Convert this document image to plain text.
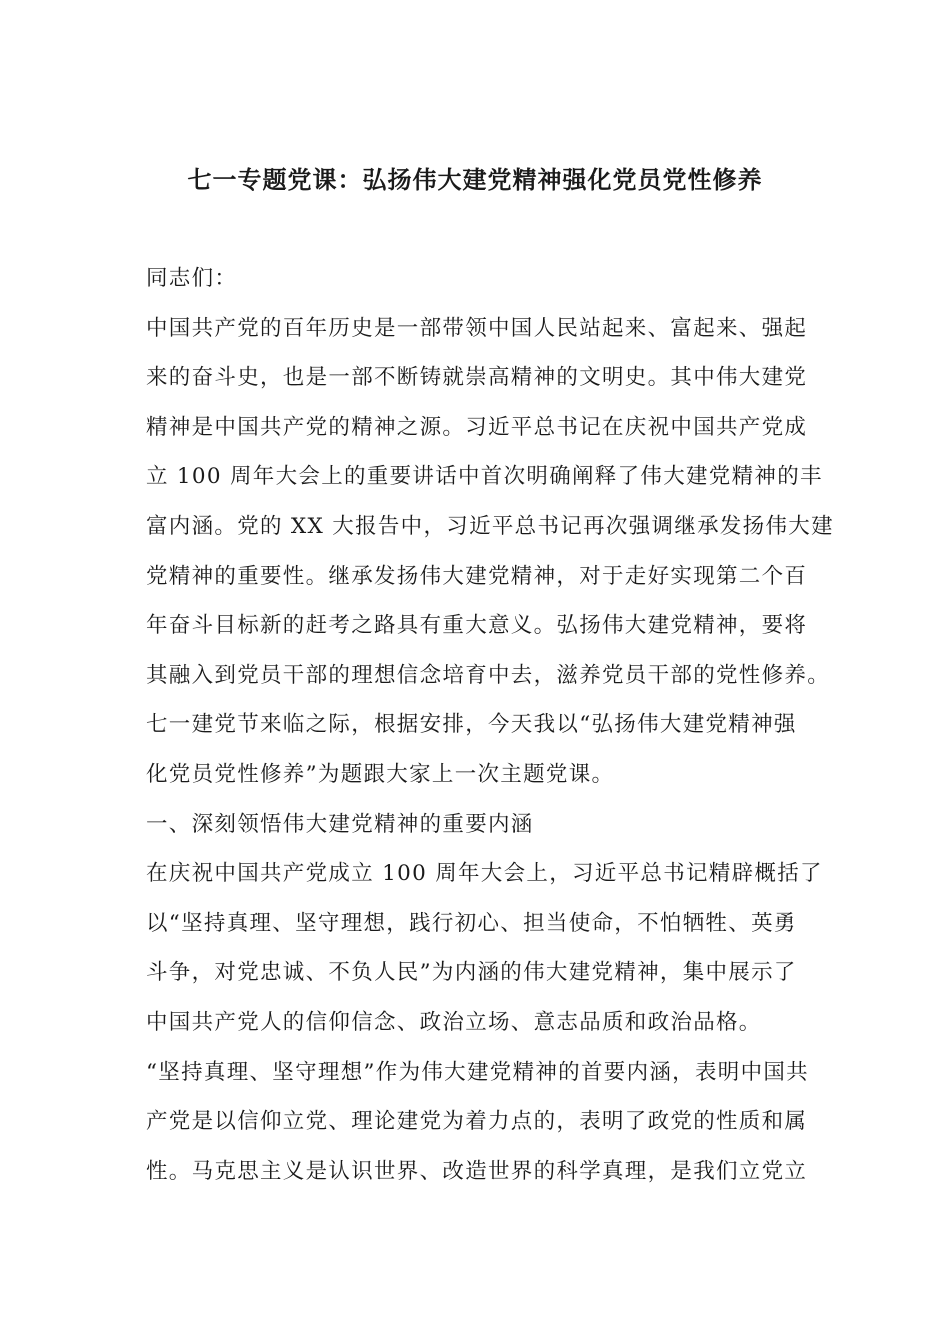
七一专题党课：弘扬伟大建党精神强化党员党性修养
同志们：
中国共产党的百年历史是一部带领中国人民站起来、富起来、强起
来的奋斗史，也是一部不断铸就崇高精神的文明史。其中伟大建党
精神是中国共产党的精神之源。习近平总书记在庆祝中国共产党成
立 100 周年大会上的重要讲话中首次明确阐释了伟大建党精神的丰
富内涵。党的 XX 大报告中，习近平总书记再次强调继承发扬伟大建
党精神的重要性。继承发扬伟大建党精神，对于走好实现第二个百
年奋斗目标新的赶考之路具有重大意义。弘扬伟大建党精神，要将
其融入到党员干部的理想信念培育中去，滋养党员干部的党性修养。
七一建党节来临之际，根据安排，今天我以“弘扬伟大建党精神强
化党员党性修养”为题跟大家上一次主题党课。
一、深刻领悟伟大建党精神的重要内涵
在庆祝中国共产党成立 100 周年大会上，习近平总书记精辟概括了
以“坚持真理、坚守理想，践行初心、担当使命，不怕牺牲、英勇
斗争，对党忠诚、不负人民”为内涵的伟大建党精神，集中展示了
中国共产党人的信仰信念、政治立场、意志品质和政治品格。
“坚持真理、坚守理想”作为伟大建党精神的首要内涵，表明中国共
产党是以信仰立党、理论建党为着力点的，表明了政党的性质和属
性。马克思主义是认识世界、改造世界的科学真理，是我们立党立
